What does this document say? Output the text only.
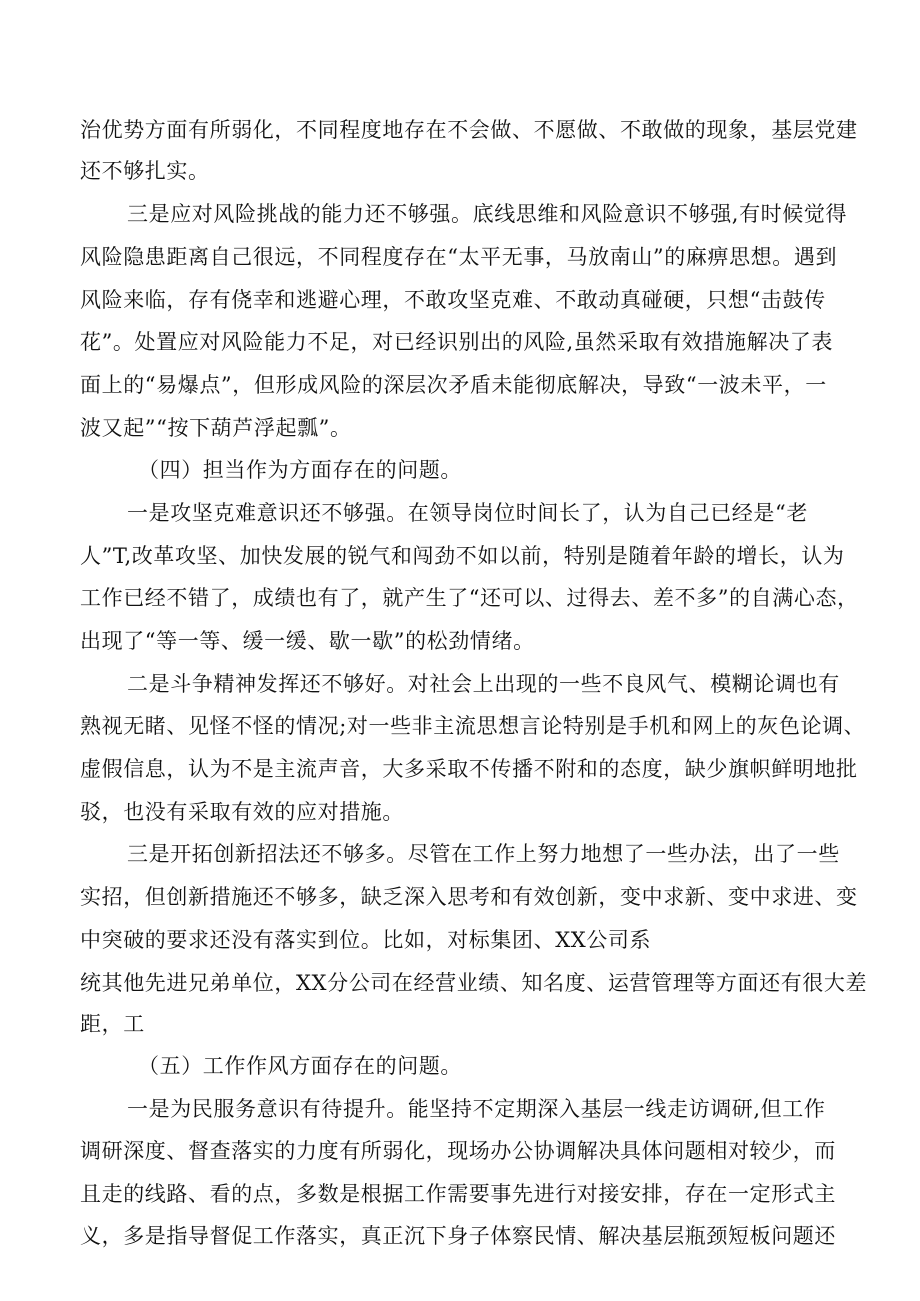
治优势方面有所弱化，不同程度地存在不会做、不愿做、不敢做的现象，基层党建
还不够扎实。
三是应对风险挑战的能力还不够强。底线思维和风险意识不够强,有时候觉得
风险隐患距离自己很远，不同程度存在“太平无事，马放南山”的麻痹思想。遇到
风险来临，存有侥幸和逃避心理，不敢攻坚克难、不敢动真碰硬，只想“击鼓传
花”。处置应对风险能力不足，对已经识别出的风险,虽然采取有效措施解决了表
面上的“易爆点”，但形成风险的深层次矛盾未能彻底解决，导致“一波未平，一
波又起”“按下葫芦浮起瓢”。
（四）担当作为方面存在的问题。
一是攻坚克难意识还不够强。在领导岗位时间长了，认为自己已经是“老
人”T,改革攻坚、加快发展的锐气和闯劲不如以前，特别是随着年龄的增长，认为
工作已经不错了，成绩也有了，就产生了“还可以、过得去、差不多”的自满心态，
出现了“等一等、缓一缓、歇一歇”的松劲情绪。
二是斗争精神发挥还不够好。对社会上出现的一些不良风气、模糊论调也有
熟视无睹、见怪不怪的情况;对一些非主流思想言论特别是手机和网上的灰色论调、
虚假信息，认为不是主流声音，大多采取不传播不附和的态度，缺少旗帜鲜明地批
驳，也没有采取有效的应对措施。
三是开拓创新招法还不够多。尽管在工作上努力地想了一些办法，出了一些
实招，但创新措施还不够多，缺乏深入思考和有效创新，变中求新、变中求进、变
中突破的要求还没有落实到位。比如，对标集团、XX公司系
统其他先进兄弟单位，XX分公司在经营业绩、知名度、运营管理等方面还有很大差
距，工
（五）工作作风方面存在的问题。
一是为民服务意识有待提升。能坚持不定期深入基层一线走访调研,但工作
调研深度、督查落实的力度有所弱化，现场办公协调解决具体问题相对较少，而
且走的线路、看的点，多数是根据工作需要事先进行对接安排，存在一定形式主
义，多是指导督促工作落实，真正沉下身子体察民情、解决基层瓶颈短板问题还
